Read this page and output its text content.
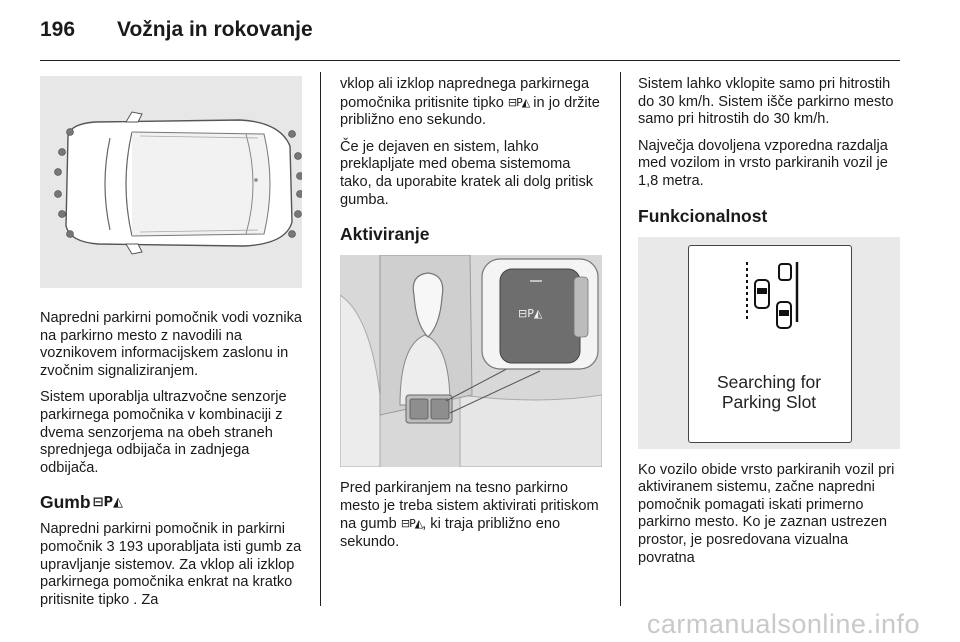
196	Vožnja in rokovanje

Napredni parkirni pomočnik vodi voznika na parkirno mesto z navodili na voznikovem informacijskem zaslonu in zvočnim signaliziranjem.

Sistem uporablja ultrazvočne senzorje parkirnega pomočnika v kombinaciji z dvema senzorjema na obeh straneh sprednjega odbijača in zadnjega odbijača.

Gumb ⊟P◭

Napredni parkirni pomočnik in parkirni pomočnik 3 193 uporabljata isti gumb za upravljanje sistemov. Za vklop ali izklop parkirnega pomočnika enkrat na kratko pritisnite tipko . Za

vklop ali izklop naprednega parkirnega pomočnika pritisnite tipko ⊟P◭ in jo držite približno eno sekundo.

Če je dejaven en sistem, lahko preklapljate med obema sistemoma tako, da uporabite kratek ali dolg pritisk gumba.

Aktiviranje
⊟P◭

Pred parkiranjem na tesno parkirno mesto je treba sistem aktivirati pritiskom na gumb ⊟P◭, ki traja približno eno sekundo.

Sistem lahko vklopite samo pri hitrostih do 30 km/h. Sistem išče parkirno mesto samo pri hitrostih do 30 km/h.

Največja dovoljena vzporedna razdalja med vozilom in vrsto parkiranih vozil je 1,8 metra.

Funkcionalnost
Searching for
Parking Slot

Ko vozilo obide vrsto parkiranih vozil pri aktiviranem sistemu, začne napredni pomočnik pomagati iskati primerno parkirno mesto. Ko je zaznan ustrezen prostor, je posredovana vizualna povratna

carmanualsonline.info
